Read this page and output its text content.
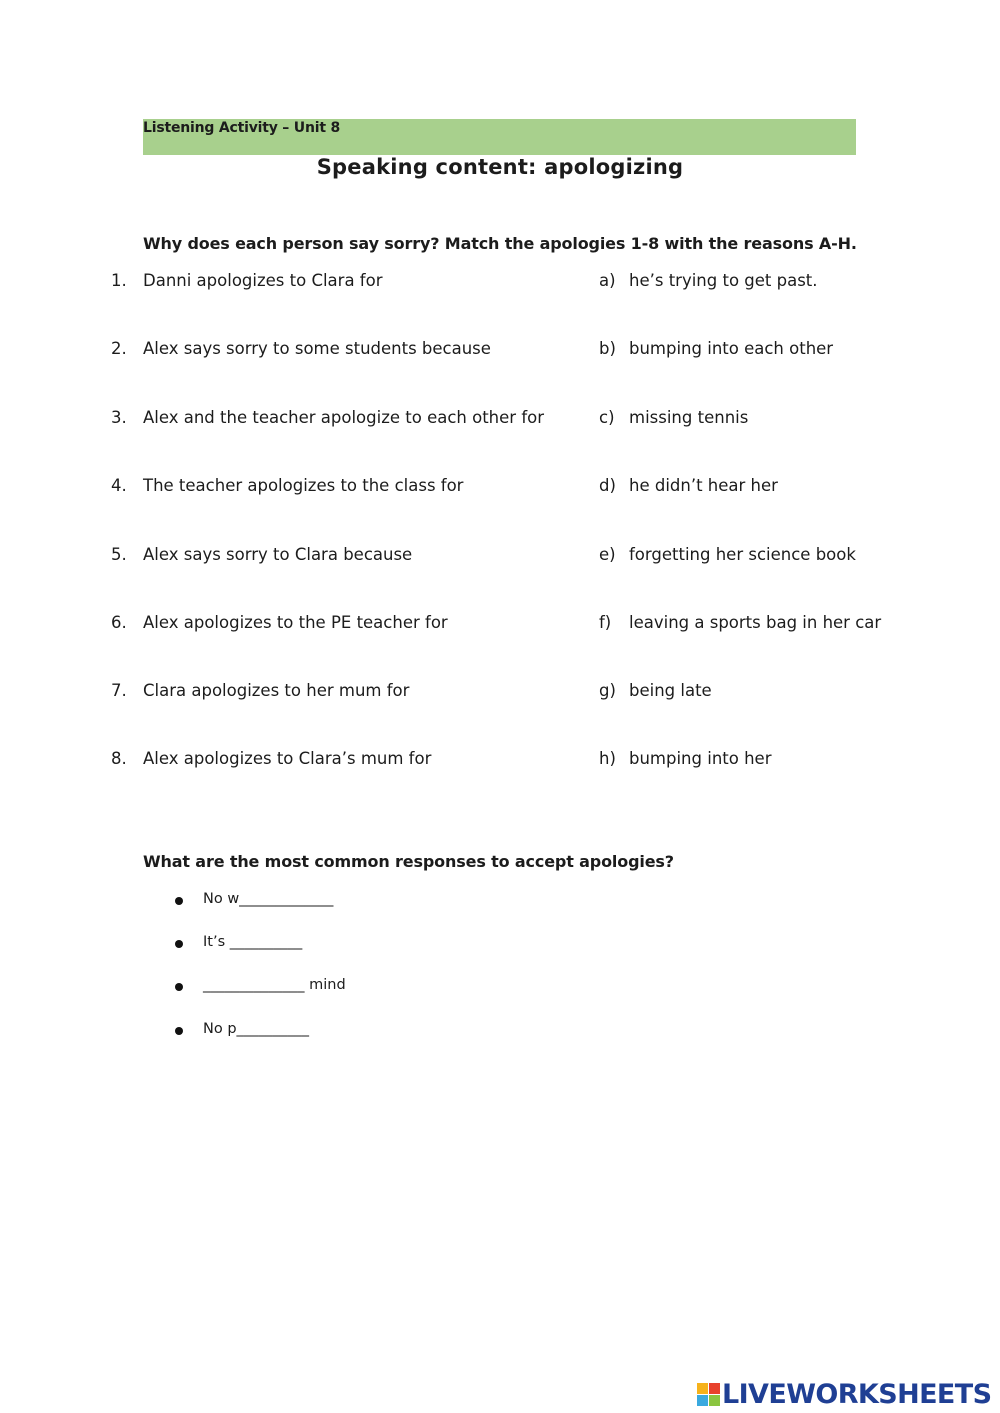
Listening Activity – Unit 8
Speaking content: apologizing
Why does each person say sorry? Match the apologies 1-8 with the reasons A-H.
1. Danni apologizes to Clara for	a) he’s trying to get past.
2. Alex says sorry to some students because	b) bumping into each other
3. Alex and the teacher apologize to each other for	c) missing tennis
4. The teacher apologizes to the class for	d) he didn’t hear her
5. Alex says sorry to Clara because	e) forgetting her science book
6. Alex apologizes to the PE teacher for	f) leaving a sports bag in her car
7. Clara apologizes to her mum for	g) being late
8. Alex apologizes to Clara’s mum for	h) bumping into her
What are the most common responses to accept apologies?
No w_____________
It’s __________
______________ mind
No p__________
LIVEWORKSHEETS
